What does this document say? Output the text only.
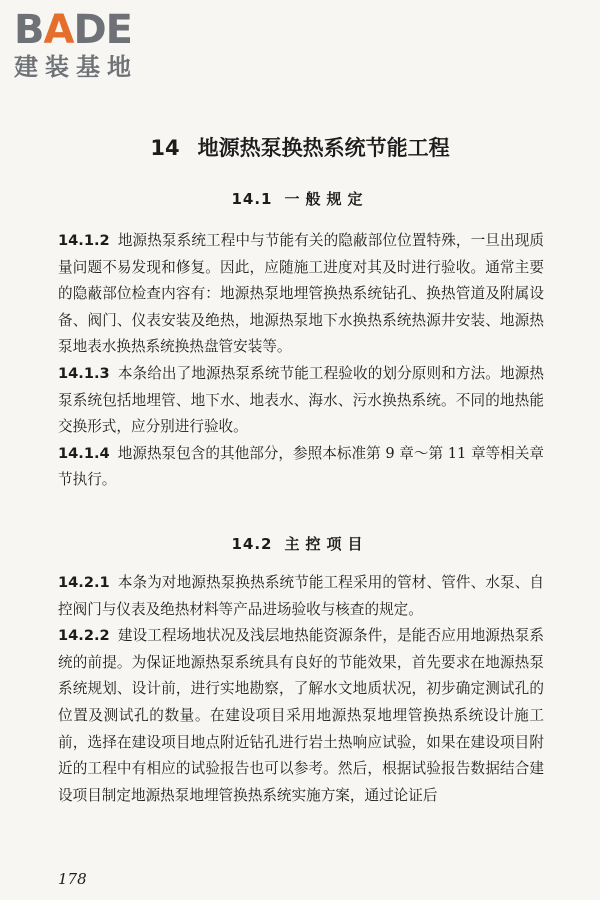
BADE
建装基地
14 地源热泵换热系统节能工程
14.1 一般规定

14.1.2 地源热泵系统工程中与节能有关的隐蔽部位位置特殊，一旦出现质量问题不易发现和修复。因此，应随施工进度对其及时进行验收。通常主要的隐蔽部位检查内容有：地源热泵地埋管换热系统钻孔、换热管道及附属设备、阀门、仪表安装及绝热，地源热泵地下水换热系统热源井安装、地源热泵地表水换热系统换热盘管安装等。

14.1.3 本条给出了地源热泵系统节能工程验收的划分原则和方法。地源热泵系统包括地埋管、地下水、地表水、海水、污水换热系统。不同的地热能交换形式，应分别进行验收。

14.1.4 地源热泵包含的其他部分，参照本标准第 9 章～第 11 章等相关章节执行。

14.2 主控项目

14.2.1 本条为对地源热泵换热系统节能工程采用的管材、管件、水泵、自控阀门与仪表及绝热材料等产品进场验收与核查的规定。

14.2.2 建设工程场地状况及浅层地热能资源条件，是能否应用地源热泵系统的前提。为保证地源热泵系统具有良好的节能效果，首先要求在地源热泵系统规划、设计前，进行实地勘察，了解水文地质状况，初步确定测试孔的位置及测试孔的数量。在建设项目采用地源热泵地埋管换热系统设计施工前，选择在建设项目地点附近钻孔进行岩土热响应试验，如果在建设项目附近的工程中有相应的试验报告也可以参考。然后，根据试验报告数据结合建设项目制定地源热泵地埋管换热系统实施方案，通过论证后

178
